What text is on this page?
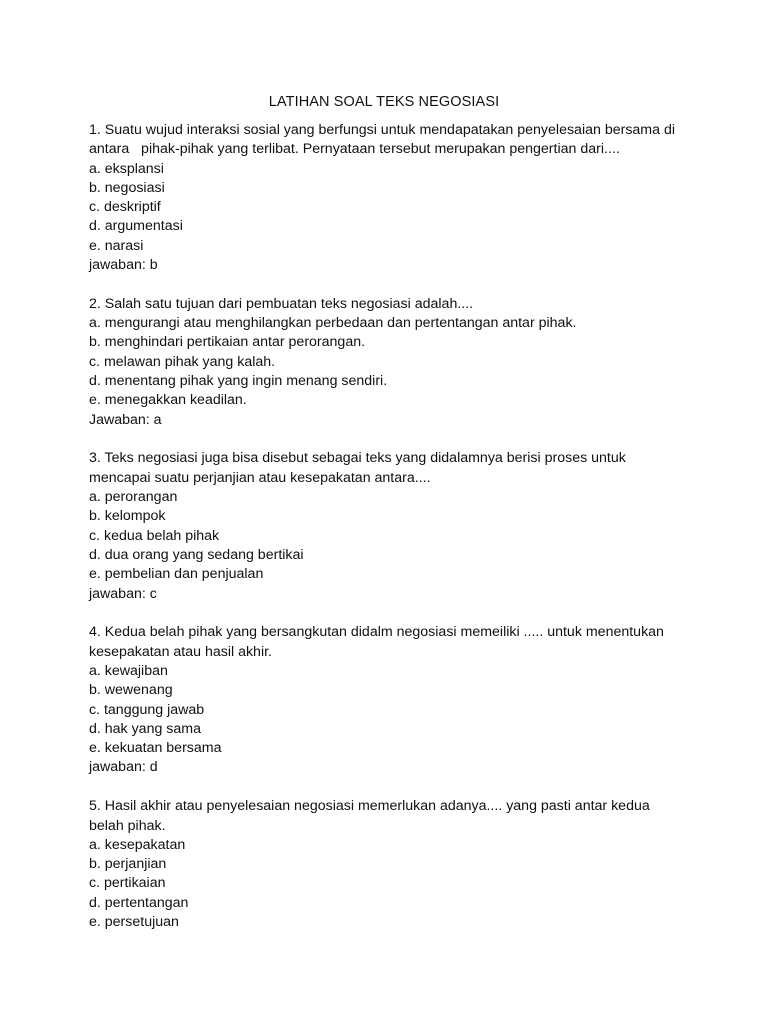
LATIHAN SOAL TEKS NEGOSIASI
1. Suatu wujud interaksi sosial yang berfungsi untuk mendapatakan penyelesaian bersama di
antara   pihak-pihak yang terlibat. Pernyataan tersebut merupakan pengertian dari....
a. eksplansi
b. negosiasi
c. deskriptif
d. argumentasi
e. narasi
jawaban: b
2. Salah satu tujuan dari pembuatan teks negosiasi adalah....
a. mengurangi atau menghilangkan perbedaan dan pertentangan antar pihak.
b. menghindari pertikaian antar perorangan.
c. melawan pihak yang kalah.
d. menentang pihak yang ingin menang sendiri.
e. menegakkan keadilan.
Jawaban: a
3. Teks negosiasi juga bisa disebut sebagai teks yang didalamnya berisi proses untuk
mencapai suatu perjanjian atau kesepakatan antara....
a. perorangan
b. kelompok
c. kedua belah pihak
d. dua orang yang sedang bertikai
e. pembelian dan penjualan
jawaban: c
4. Kedua belah pihak yang bersangkutan didalm negosiasi memeiliki ..... untuk menentukan
kesepakatan atau hasil akhir.
a. kewajiban
b. wewenang
c. tanggung jawab
d. hak yang sama
e. kekuatan bersama
jawaban: d
5. Hasil akhir atau penyelesaian negosiasi memerlukan adanya.... yang pasti antar kedua
belah pihak.
a. kesepakatan
b. perjanjian
c. pertikaian
d. pertentangan
e. persetujuan
